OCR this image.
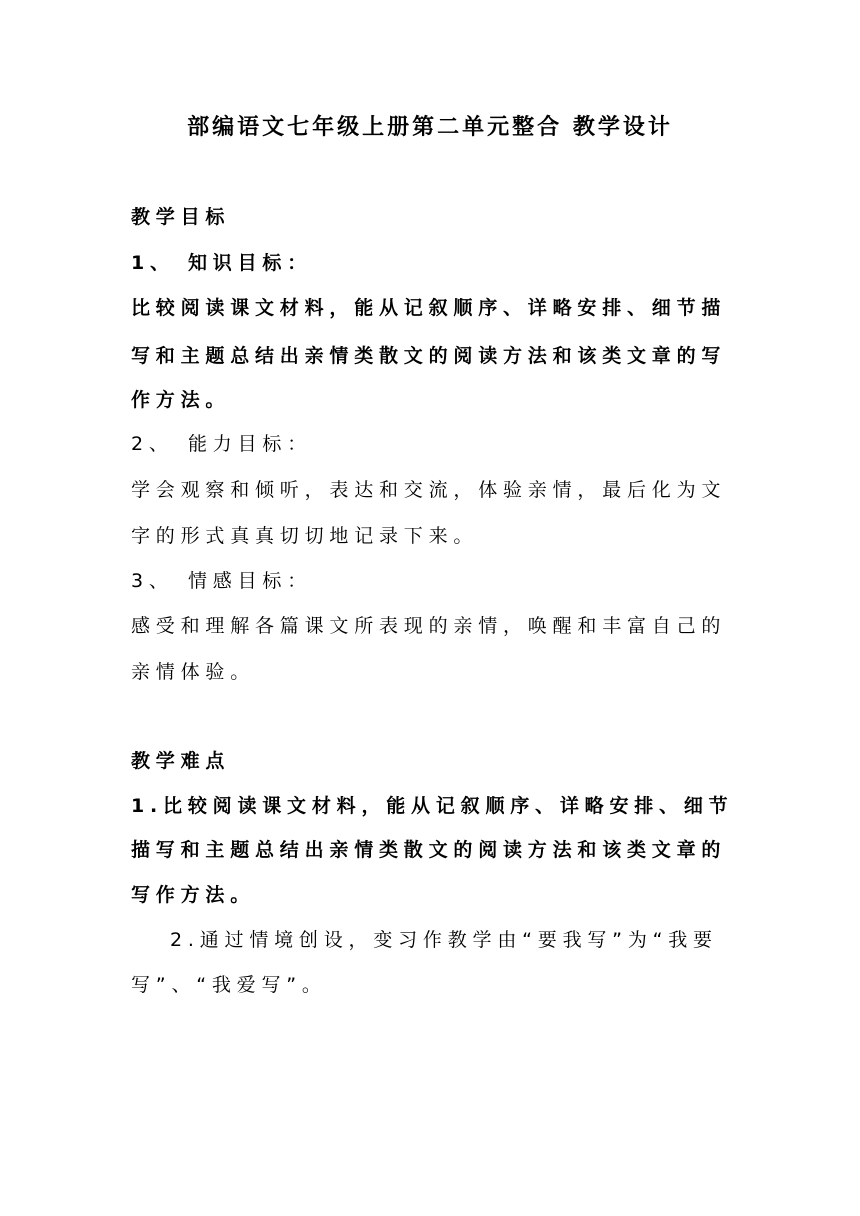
部编语文七年级上册第二单元整合 教学设计

教学目标

1、 知识目标：

比较阅读课文材料，能从记叙顺序、详略安排、细节描

写和主题总结出亲情类散文的阅读方法和该类文章的写

作方法。

2、 能力目标：

学会观察和倾听，表达和交流，体验亲情，最后化为文

字的形式真真切切地记录下来。

3、 情感目标：

感受和理解各篇课文所表现的亲情，唤醒和丰富自己的

亲情体验。

教学难点

1.比较阅读课文材料，能从记叙顺序、详略安排、细节

描写和主题总结出亲情类散文的阅读方法和该类文章的

写作方法。

2.通过情境创设，变习作教学由“要我写”为“我要

写”、“我爱写”。
